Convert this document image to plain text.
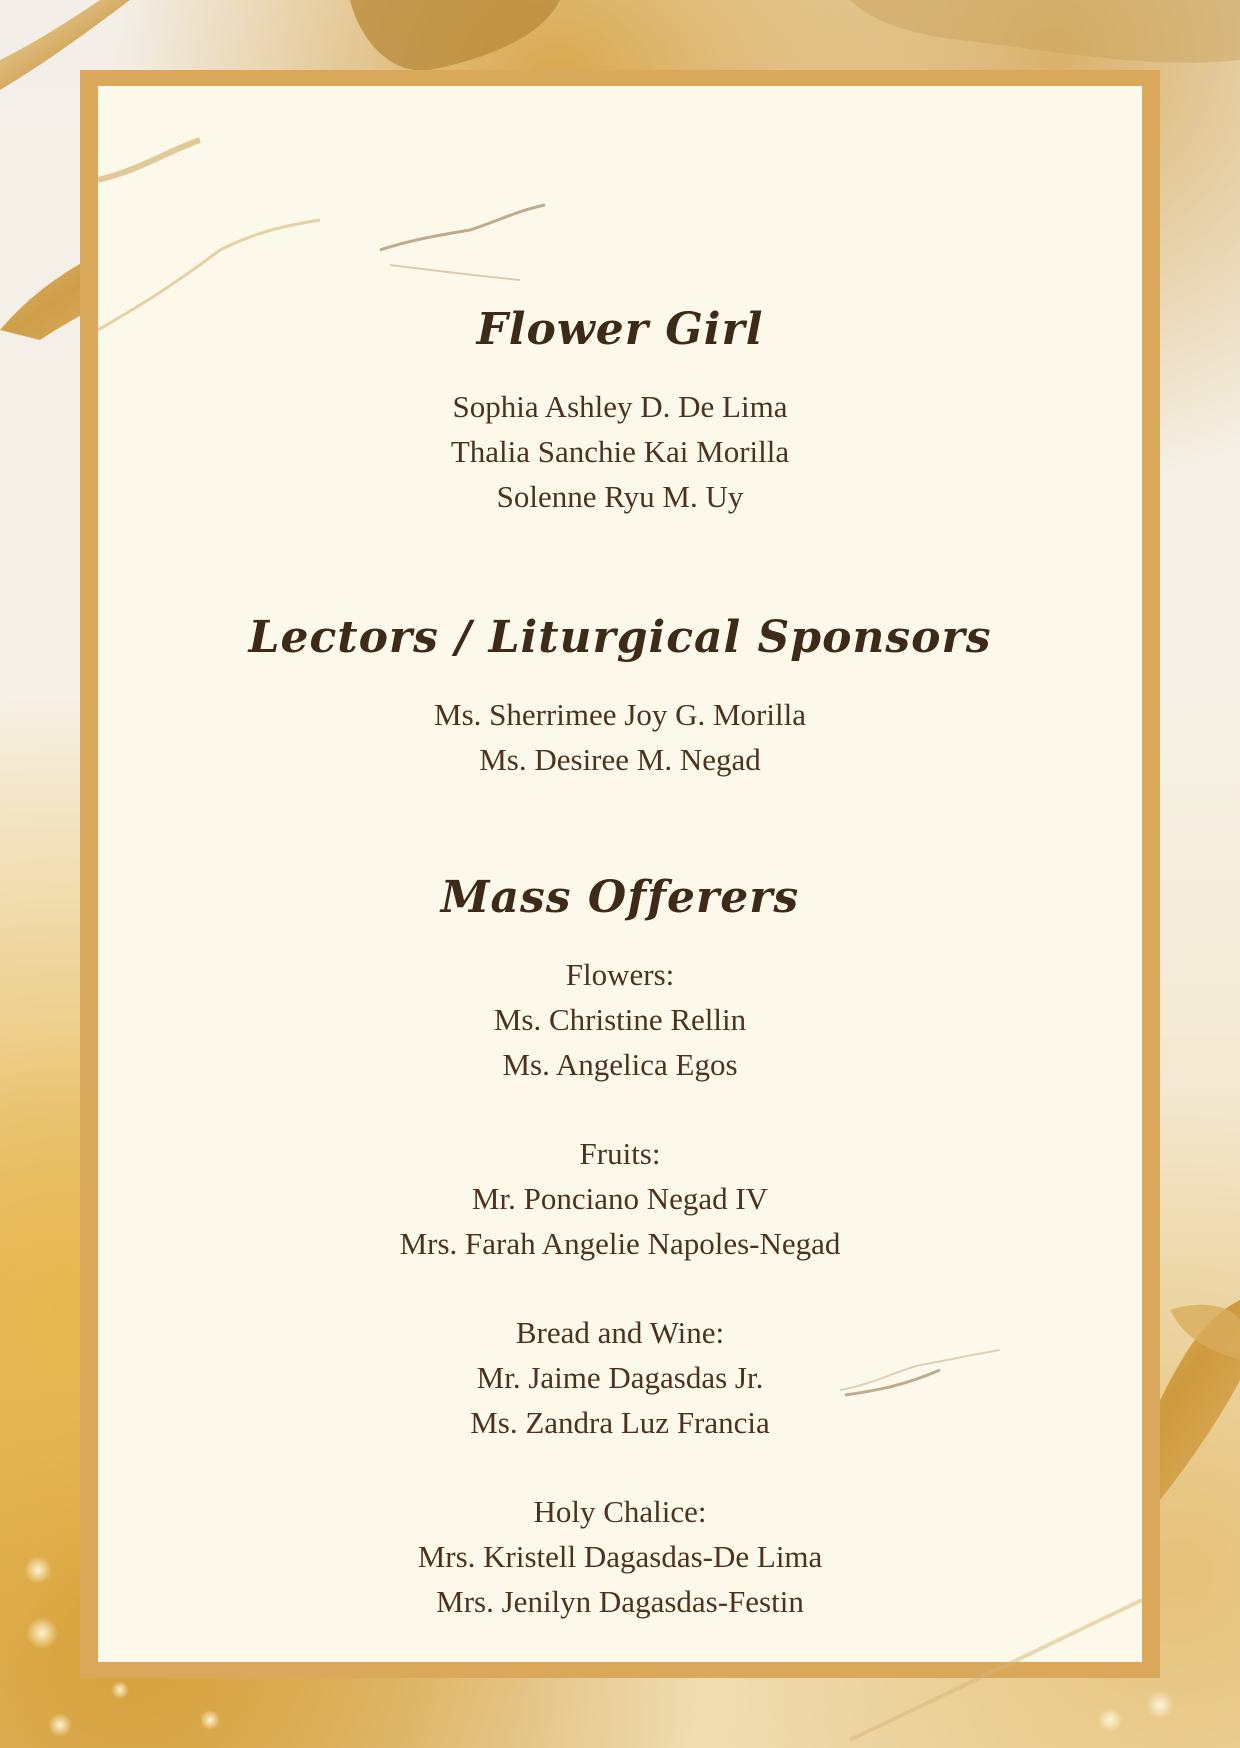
Flower Girl

Sophia Ashley D. De Lima

Thalia Sanchie Kai Morilla

Solenne Ryu M. Uy

Lectors / Liturgical Sponsors

Ms. Sherrimee Joy G. Morilla

Ms. Desiree M. Negad

Mass Offerers

Flowers:

Ms. Christine Rellin

Ms. Angelica Egos

Fruits:

Mr. Ponciano Negad IV

Mrs. Farah Angelie Napoles-Negad

Bread and Wine:

Mr. Jaime Dagasdas Jr.

Ms. Zandra Luz Francia

Holy Chalice:

Mrs. Kristell Dagasdas-De Lima

Mrs. Jenilyn Dagasdas-Festin
